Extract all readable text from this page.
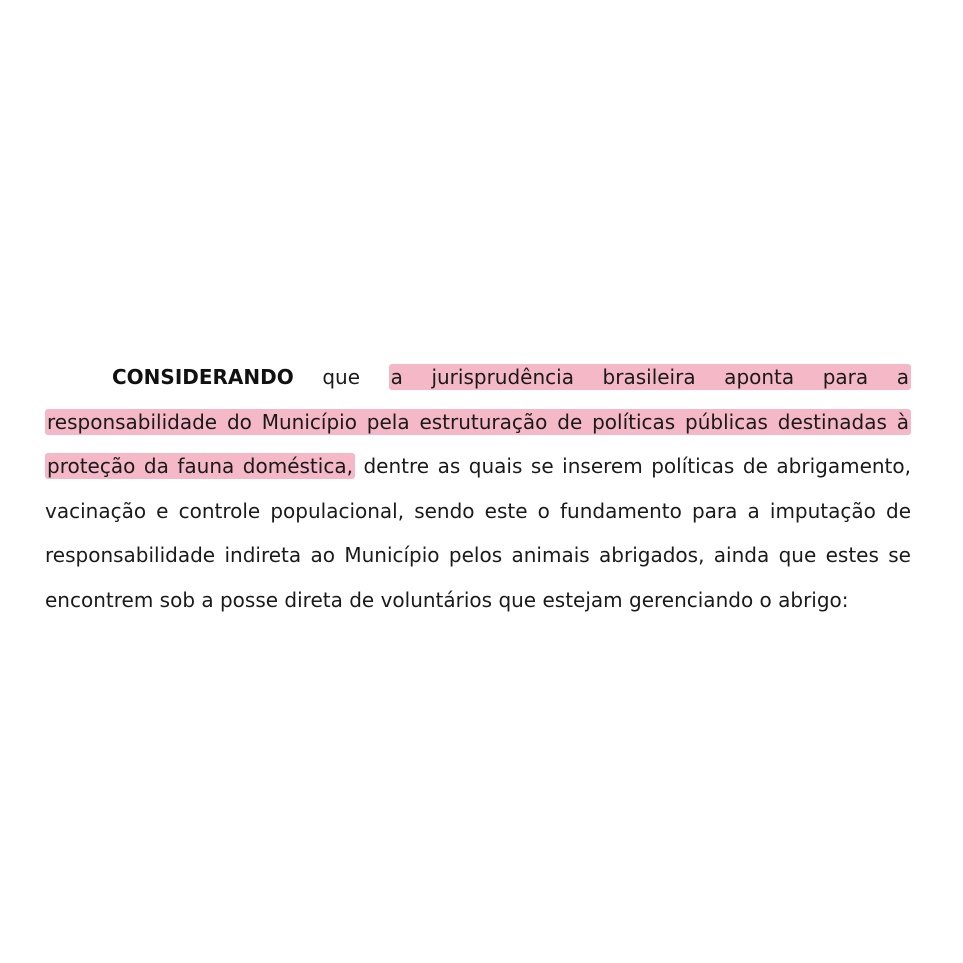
CONSIDERANDO que a jurisprudência brasileira aponta para a responsabilidade do Município pela estruturação de políticas públicas destinadas à proteção da fauna doméstica, dentre as quais se inserem políticas de abrigamento, vacinação e controle populacional, sendo este o fundamento para a imputação de responsabilidade indireta ao Município pelos animais abrigados, ainda que estes se encontrem sob a posse direta de voluntários que estejam gerenciando o abrigo:
